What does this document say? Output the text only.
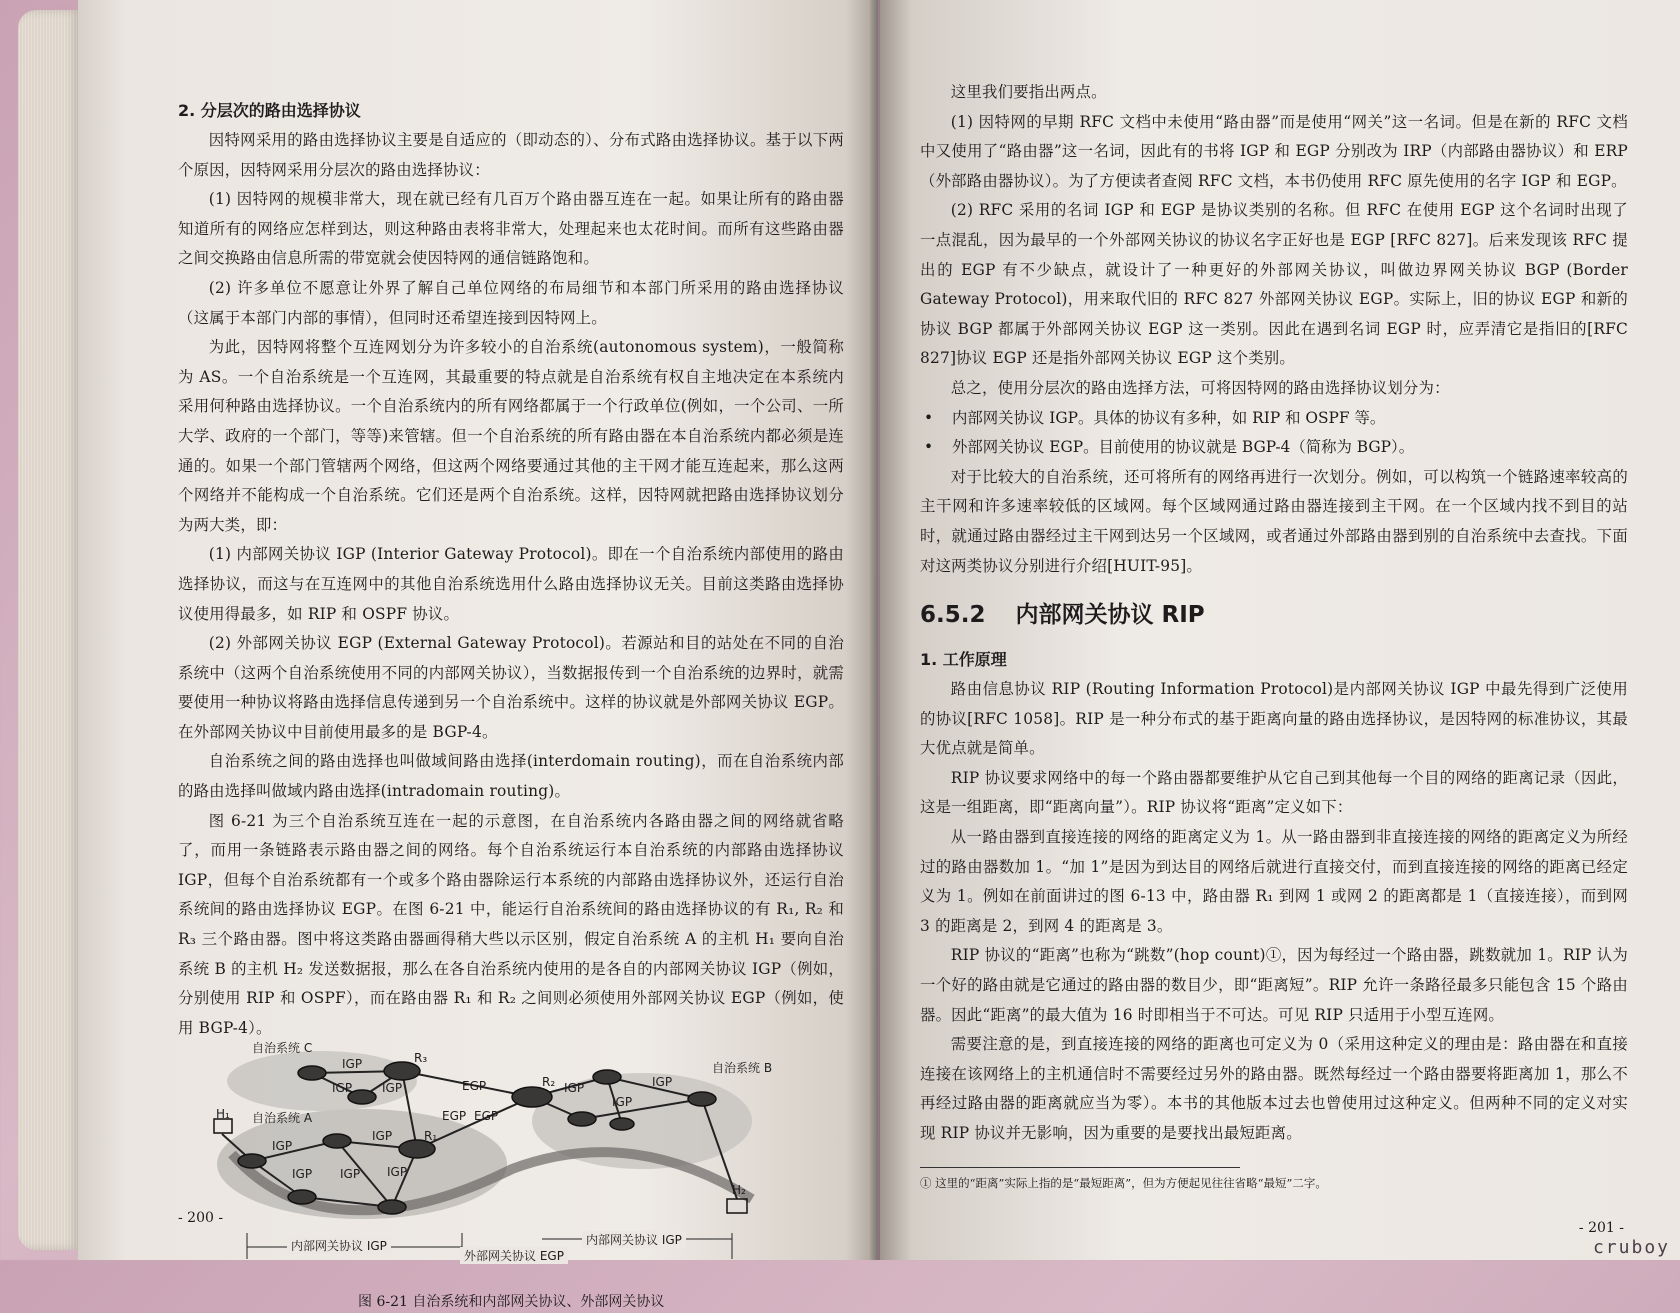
2. 分层次的路由选择协议

因特网采用的路由选择协议主要是自适应的（即动态的）、分布式路由选择协议。基于以下两个原因，因特网采用分层次的路由选择协议：

(1) 因特网的规模非常大，现在就已经有几百万个路由器互连在一起。如果让所有的路由器知道所有的网络应怎样到达，则这种路由表将非常大，处理起来也太花时间。而所有这些路由器之间交换路由信息所需的带宽就会使因特网的通信链路饱和。

(2) 许多单位不愿意让外界了解自己单位网络的布局细节和本部门所采用的路由选择协议（这属于本部门内部的事情），但同时还希望连接到因特网上。

为此，因特网将整个互连网划分为许多较小的自治系统(autonomous system)，一般简称为 AS。一个自治系统是一个互连网，其最重要的特点就是自治系统有权自主地决定在本系统内采用何种路由选择协议。一个自治系统内的所有网络都属于一个行政单位(例如，一个公司、一所大学、政府的一个部门，等等)来管辖。但一个自治系统的所有路由器在本自治系统内都必须是连通的。如果一个部门管辖两个网络，但这两个网络要通过其他的主干网才能互连起来，那么这两个网络并不能构成一个自治系统。它们还是两个自治系统。这样，因特网就把路由选择协议划分为两大类，即：

(1) 内部网关协议 IGP (Interior Gateway Protocol)。即在一个自治系统内部使用的路由选择协议，而这与在互连网中的其他自治系统选用什么路由选择协议无关。目前这类路由选择协议使用得最多，如 RIP 和 OSPF 协议。

(2) 外部网关协议 EGP (External Gateway Protocol)。若源站和目的站处在不同的自治系统中（这两个自治系统使用不同的内部网关协议），当数据报传到一个自治系统的边界时，就需要使用一种协议将路由选择信息传递到另一个自治系统中。这样的协议就是外部网关协议 EGP。在外部网关协议中目前使用最多的是 BGP-4。

自治系统之间的路由选择也叫做域间路由选择(interdomain routing)，而在自治系统内部的路由选择叫做域内路由选择(intradomain routing)。

图 6-21 为三个自治系统互连在一起的示意图，在自治系统内各路由器之间的网络就省略了，而用一条链路表示路由器之间的网络。每个自治系统运行本自治系统的内部路由选择协议 IGP，但每个自治系统都有一个或多个路由器除运行本系统的内部路由选择协议外，还运行自治系统间的路由选择协议 EGP。在图 6-21 中，能运行自治系统间的路由选择协议的有 R₁, R₂ 和 R₃ 三个路由器。图中将这类路由器画得稍大些以示区别，假定自治系统 A 的主机 H₁ 要向自治系统 B 的主机 H₂ 发送数据报，那么在各自治系统内使用的是各自的内部网关协议 IGP（例如，分别使用 RIP 和 OSPF），而在路由器 R₁ 和 R₂ 之间则必须使用外部网关协议 EGP（例如，使用 BGP-4）。

自治系统 C
自治系统 A
自治系统 B
H₁
H₂
R₁
R₂
R₃
IGP
IGP IGP	EGP
EGP EGP
IGP
IGP
IGP
IGP
IGP
IGP IGP IGP
内部网关协议 IGP
外部网关协议 EGP
内部网关协议 IGP
图 6-21 自治系统和内部网关协议、外部网关协议
- 200 -

这里我们要指出两点。

(1) 因特网的早期 RFC 文档中未使用“路由器”而是使用“网关”这一名词。但是在新的 RFC 文档中又使用了“路由器”这一名词，因此有的书将 IGP 和 EGP 分别改为 IRP（内部路由器协议）和 ERP（外部路由器协议）。为了方便读者查阅 RFC 文档，本书仍使用 RFC 原先使用的名字 IGP 和 EGP。

(2) RFC 采用的名词 IGP 和 EGP 是协议类别的名称。但 RFC 在使用 EGP 这个名词时出现了一点混乱，因为最早的一个外部网关协议的协议名字正好也是 EGP [RFC 827]。后来发现该 RFC 提出的 EGP 有不少缺点，就设计了一种更好的外部网关协议，叫做边界网关协议 BGP (Border Gateway Protocol)，用来取代旧的 RFC 827 外部网关协议 EGP。实际上，旧的协议 EGP 和新的协议 BGP 都属于外部网关协议 EGP 这一类别。因此在遇到名词 EGP 时，应弄清它是指旧的[RFC 827]协议 EGP 还是指外部网关协议 EGP 这个类别。

总之，使用分层次的路由选择方法，可将因特网的路由选择协议划分为：

• 内部网关协议 IGP。具体的协议有多种，如 RIP 和 OSPF 等。
• 外部网关协议 EGP。目前使用的协议就是 BGP-4（简称为 BGP）。

对于比较大的自治系统，还可将所有的网络再进行一次划分。例如，可以构筑一个链路速率较高的主干网和许多速率较低的区域网。每个区域网通过路由器连接到主干网。在一个区域内找不到目的站时，就通过路由器经过主干网到达另一个区域网，或者通过外部路由器到别的自治系统中去查找。下面对这两类协议分别进行介绍[HUIT-95]。

6.5.2 内部网关协议 RIP
1. 工作原理

路由信息协议 RIP (Routing Information Protocol)是内部网关协议 IGP 中最先得到广泛使用的协议[RFC 1058]。RIP 是一种分布式的基于距离向量的路由选择协议，是因特网的标准协议，其最大优点就是简单。

RIP 协议要求网络中的每一个路由器都要维护从它自己到其他每一个目的网络的距离记录（因此，这是一组距离，即“距离向量”）。RIP 协议将“距离”定义如下：

从一路由器到直接连接的网络的距离定义为 1。从一路由器到非直接连接的网络的距离定义为所经过的路由器数加 1。“加 1”是因为到达目的网络后就进行直接交付，而到直接连接的网络的距离已经定义为 1。例如在前面讲过的图 6-13 中，路由器 R₁ 到网 1 或网 2 的距离都是 1（直接连接），而到网 3 的距离是 2，到网 4 的距离是 3。

RIP 协议的“距离”也称为“跳数”(hop count)①，因为每经过一个路由器，跳数就加 1。RIP 认为一个好的路由就是它通过的路由器的数目少，即“距离短”。RIP 允许一条路径最多只能包含 15 个路由器。因此“距离”的最大值为 16 时即相当于不可达。可见 RIP 只适用于小型互连网。

需要注意的是，到直接连接的网络的距离也可定义为 0（采用这种定义的理由是：路由器在和直接连接在该网络上的主机通信时不需要经过另外的路由器。既然每经过一个路由器要将距离加 1，那么不再经过路由器的距离就应当为零）。本书的其他版本过去也曾使用过这种定义。但两种不同的定义对实现 RIP 协议并无影响，因为重要的是要找出最短距离。

① 这里的“距离”实际上指的是“最短距离”，但为方便起见往往省略“最短”二字。
- 201 -
cruboy
